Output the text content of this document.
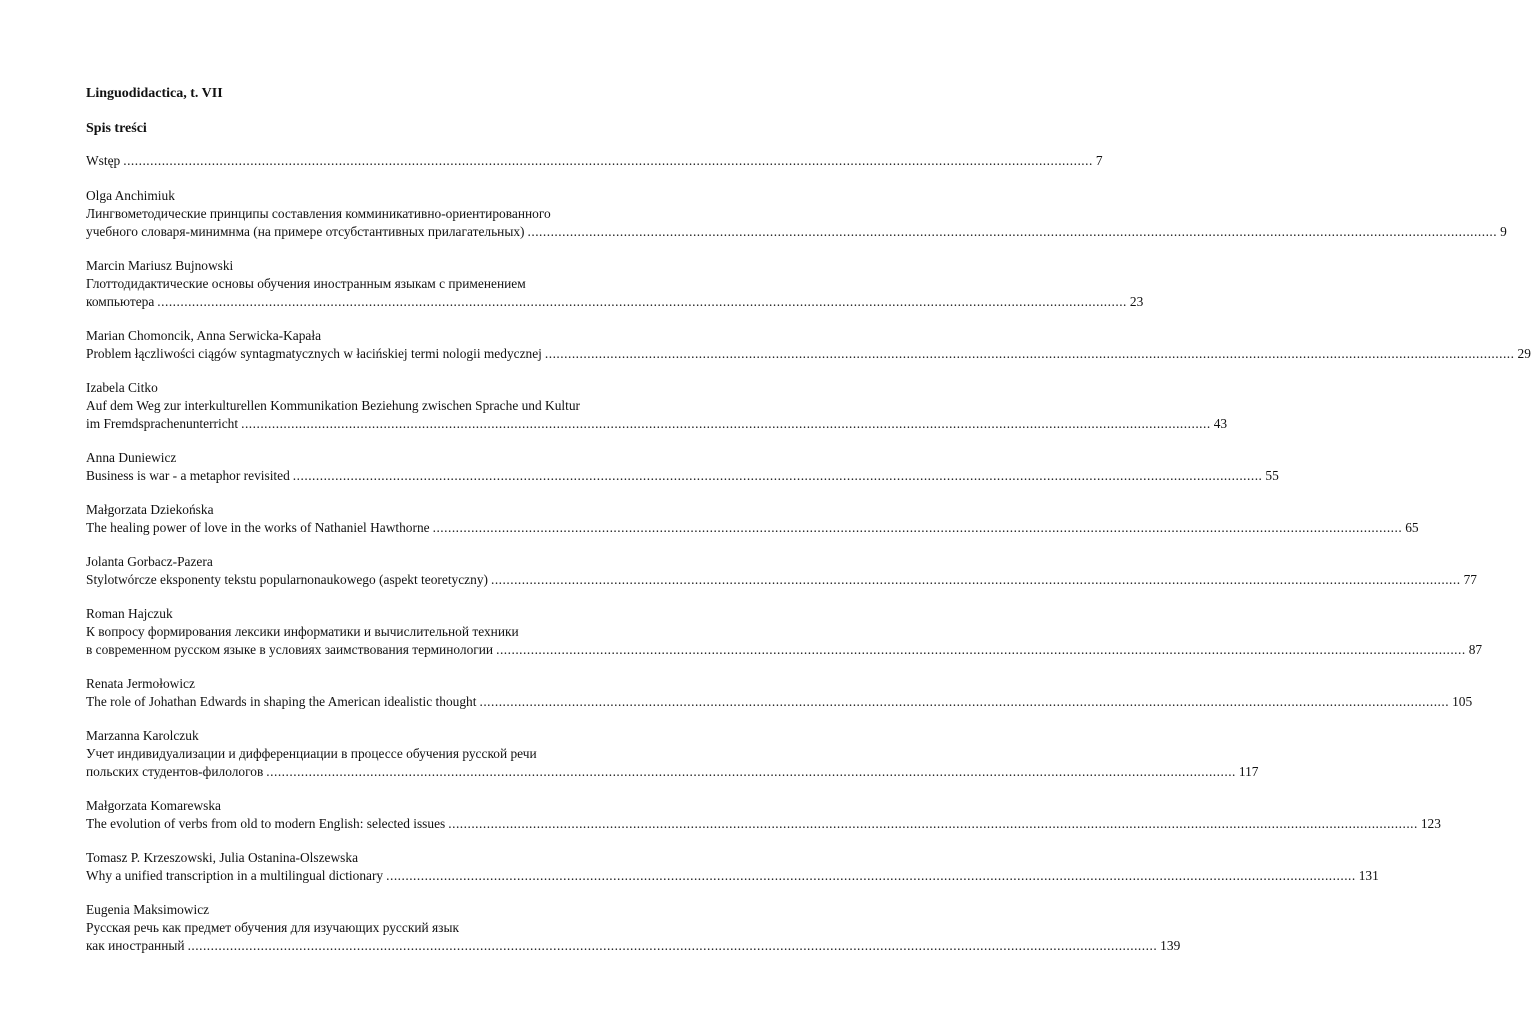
Linguodidactica, t. VII
Spis treści
Wstęp .....	7
Olga Anchimiuk
Лингвометодические принципы составления комминикативно-ориентированного
учебного словаря-минимнма (на примере отсубстантивных прилагательных) .....	9
Marcin Mariusz Bujnowski
Глоттодидактические основы обучения иностранным языкам с применением
компьютера .....	23
Marian Chomoncik, Anna Serwicka-Kapała
Problem łączliwości ciągów syntagmatycznych w łacińskiej termi nologii medycznej .....	29
Izabela Citko
Auf dem Weg zur interkulturellen Kommunikation Beziehung zwischen Sprache und Kultur
im Fremdsprachenunterricht .....	43
Anna Duniewicz
Business is war - a metaphor revisited .....	55
Małgorzata Dziekońska
The healing power of love in the works of Nathaniel Hawthorne .....	65
Jolanta Gorbacz-Pazera
Stylotwórcze eksponenty tekstu popularnonaukowego (aspekt teoretyczny) .....	77
Roman Hajczuk
К вопросу формирования лексики информатики и вычислительной техники
в современном русском языке в условиях заимствования терминологии .....	87
Renata Jermołowicz
The role of Johathan Edwards in shaping the American idealistic thought .....	105
Marzanna Karolczuk
Учет индивидуализации и дифференциации в процессе обучения русской речи
польских студентов-филологов .....	117
Małgorzata Komarewska
The evolution of verbs from old to modern English: selected issues .....	123
Tomasz P. Krzeszowski, Julia Ostanina-Olszewska
Why a unified transcription in a multilingual dictionary .....	131
Eugenia Maksimowicz
Русская речь как предмет обучения для изучающих русский язык
как иностранный .....	139
